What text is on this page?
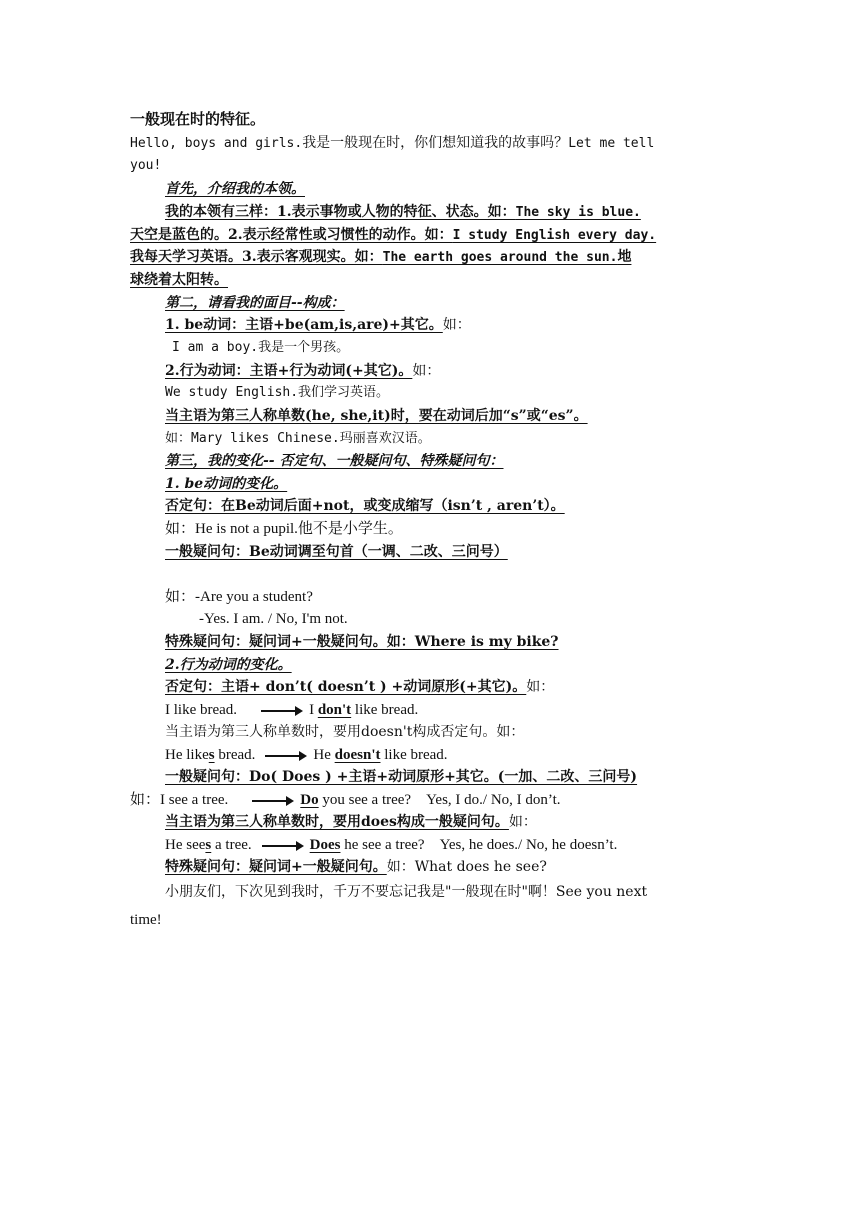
一般现在时的特征。
Hello, boys and girls.我是一般现在时，你们想知道我的故事吗？Let me tell
you!
首先，介绍我的本领。
我的本领有三样：1.表示事物或人物的特征、状态。如：The sky is blue.
天空是蓝色的。2.表示经常性或习惯性的动作。如：I study English every day.
我每天学习英语。3.表示客观现实。如：The earth goes around the sun.地
球绕着太阳转。
第二，请看我的面目--构成：
1. be动词：主语+be(am,is,are)+其它。如：
I am a boy.我是一个男孩。
2.行为动词：主语+行为动词(+其它)。如：
We study English.我们学习英语。
当主语为第三人称单数(he, she,it)时，要在动词后加“s”或“es”。
如：Mary likes Chinese.玛丽喜欢汉语。
第三，我的变化-- 否定句、一般疑问句、特殊疑问句：
1. be动词的变化。
否定句：在Be动词后面+not，或变成缩写（isn’t , aren’t）。
如：He is not a pupil.他不是小学生。
一般疑问句：Be动词调至句首（一调、二改、三问号）
如：-Are you a student?
-Yes. I am. / No, I'm not.
特殊疑问句：疑问词+一般疑问句。如：Where is my bike?
2.行为动词的变化。
否定句：主语+ don’t( doesn’t ) +动词原形(+其它)。如：
I like bread.	I don't like bread.
当主语为第三人称单数时，要用doesn't构成否定句。如：
He likes bread.	He doesn't like bread.
一般疑问句：Do( Does ) +主语+动词原形+其它。(一加、二改、三问号)
如：I see a tree.	Do you see a tree?　Yes, I do./ No, I don’t.
当主语为第三人称单数时，要用does构成一般疑问句。如：
He sees a tree.	Does he see a tree?　Yes, he does./ No, he doesn’t.
特殊疑问句：疑问词+一般疑问句。如：What does he see?
小朋友们，下次见到我时，千万不要忘记我是"一般现在时"啊！See you next
time!
